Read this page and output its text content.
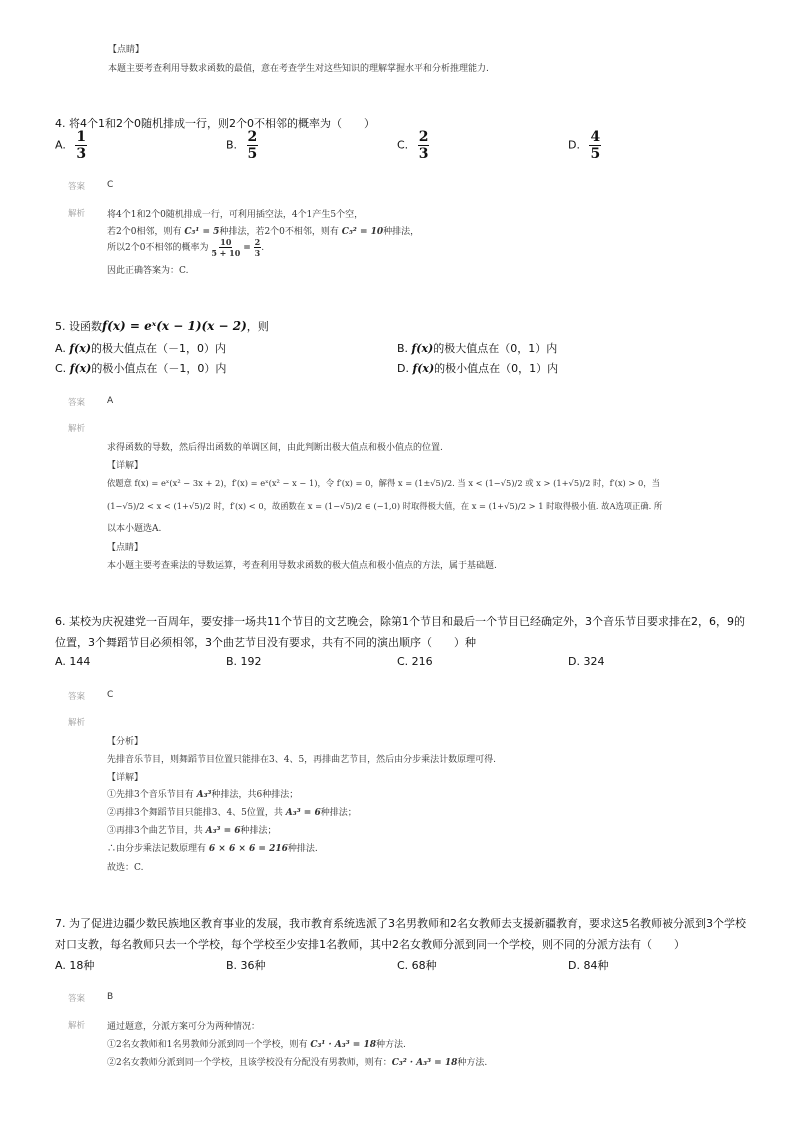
【点睛】
本题主要考查利用导数求函数的最值，意在考查学生对这些知识的理解掌握水平和分析推理能力.
4. 将4个1和2个0随机排成一行，则2个0不相邻的概率为（　　）
A. $\frac{1}{3}$	B. $\frac{2}{5}$	C. $\frac{2}{3}$	D. $\frac{4}{5}$
答案 C
解析 将4个1和2个0随机排成一行，可利用插空法，4个1产生5个空，
若2个0相邻，则有 C₅¹ = 5种排法，若2个0不相邻，则有 C₅² = 10种排法，
所以2个0不相邻的概率为 $\frac{10}{5 + 10} = \frac{2}{3}$ .
因此正确答案为：C.
5. 设函数f(x) = eˣ(x − 1)(x − 2)，则
A. f(x)的极大值点在（－1，0）内	B. f(x)的极大值点在（0，1）内
C. f(x)的极小值点在（－1，0）内	D. f(x)的极小值点在（0，1）内
答案 A
解析
求得函数的导数，然后得出函数的单调区间，由此判断出极大值点和极小值点的位置.
【详解】
依题意 f(x) = eˣ(x² − 3x + 2)，f′(x) = eˣ(x² − x − 1)，令 f′(x) = 0，解得 x = (1±√5)/2. 当 x < (1−√5)/2 或 x > (1+√5)/2 时，f′(x) > 0，当
(1−√5)/2 < x < (1+√5)/2 时，f′(x) < 0，故函数在 x = (1−√5)/2 ∈ (−1,0) 时取得极大值，在 x = (1+√5)/2 > 1 时取得极小值. 故A选项正确. 所
以本小题选A.
【点睛】
本小题主要考查乘法的导数运算，考查利用导数求函数的极大值点和极小值点的方法，属于基础题.
6. 某校为庆祝建党一百周年，要安排一场共11个节目的文艺晚会，除第1个节目和最后一个节目已经确定外，3个音乐节目要求排在2，6，9的
位置，3个舞蹈节目必须相邻，3个曲艺节目没有要求，共有不同的演出顺序（　　）种
A. 144	B. 192	C. 216	D. 324
答案 C
解析
【分析】
先排音乐节目，则舞蹈节目位置只能排在3、4、5，再排曲艺节目，然后由分步乘法计数原理可得.
【详解】
①先排3个音乐节目有 A₃³种排法，共6种排法；
②再排3个舞蹈节目只能排3、4、5位置，共 A₃³ = 6种排法；
③再排3个曲艺节目，共 A₃³ = 6种排法；
∴由分步乘法记数原理有 6 × 6 × 6 = 216种排法.
故选：C.
7. 为了促进边疆少数民族地区教育事业的发展，我市教育系统选派了3名男教师和2名女教师去支援新疆教育，要求这5名教师被分派到3个学校
对口支教，每名教师只去一个学校，每个学校至少安排1名教师，其中2名女教师分派到同一个学校，则不同的分派方法有（　　）
A. 18种	B. 36种	C. 68种	D. 84种
答案 B
解析 通过题意，分派方案可分为两种情况：
①2名女教师和1名男教师分派到同一个学校，则有 C₃¹ · A₃³ = 18种方法.
②2名女教师分派到同一个学校，且该学校没有分配没有男教师，则有：C₃² · A₃³ = 18种方法.
